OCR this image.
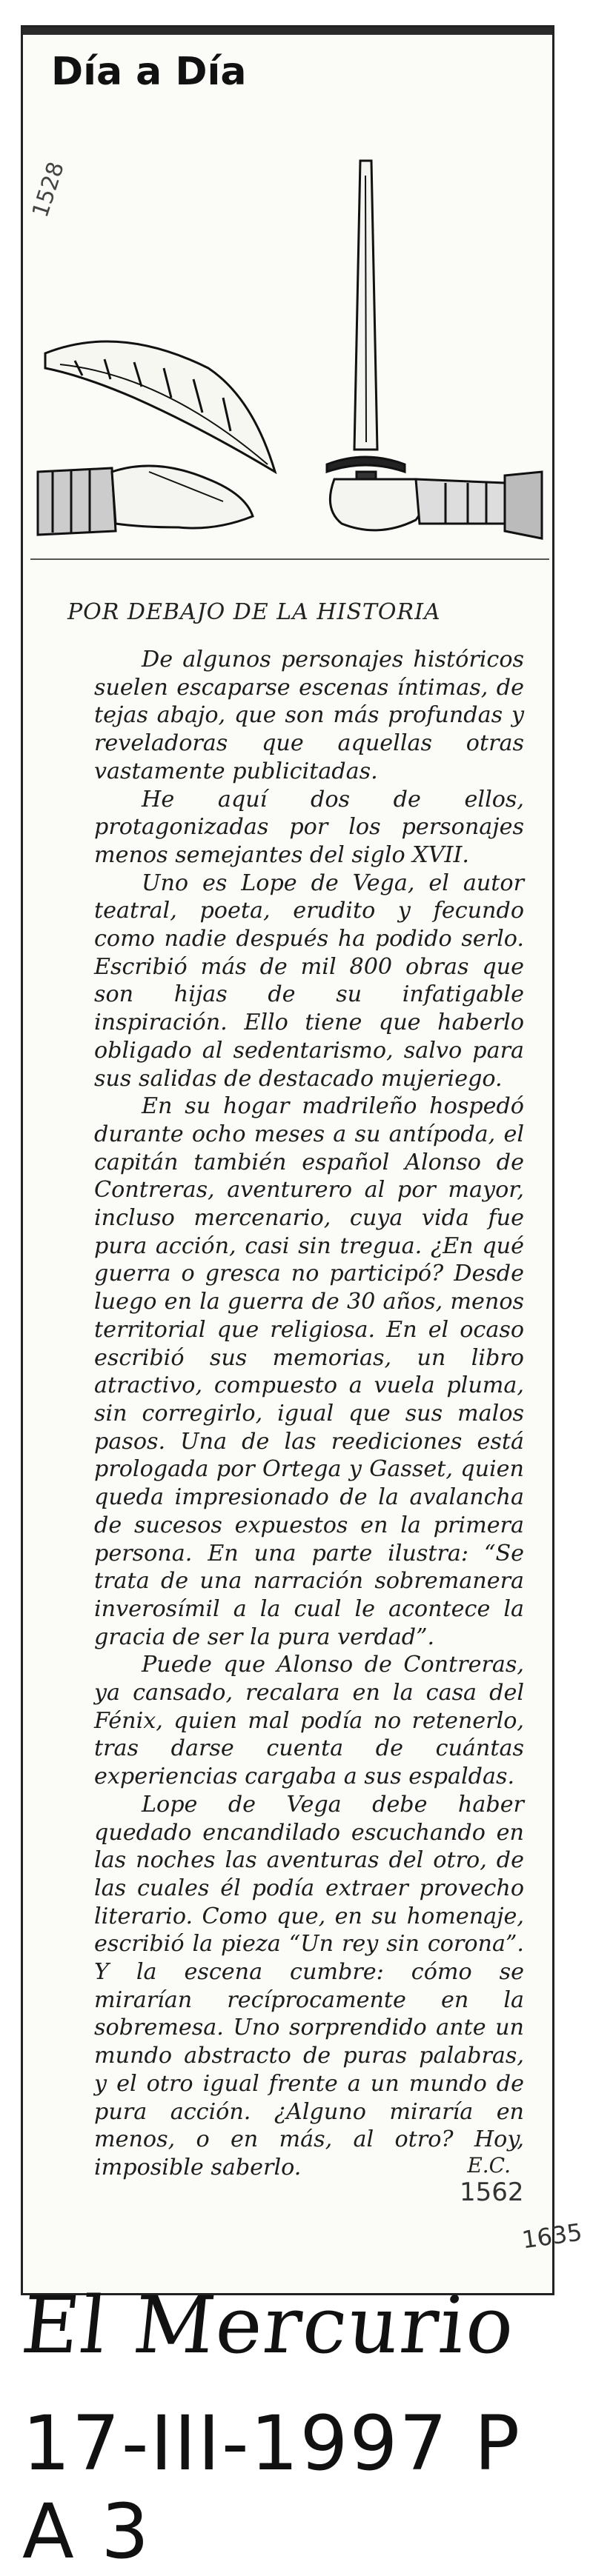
Día a Día
1528
POR DEBAJO DE LA HISTORIA

De algunos personajes históricos suelen escaparse escenas íntimas, de tejas abajo, que son más profundas y reveladoras que aquellas otras vastamente publicitadas.

He aquí dos de ellos, protagonizadas por los personajes menos semejantes del siglo XVII.

Uno es Lope de Vega, el autor teatral, poeta, erudito y fecundo como nadie después ha podido serlo. Escribió más de mil 800 obras que son hijas de su infatigable inspiración. Ello tiene que haberlo obligado al sedentarismo, salvo para sus salidas de destacado mujeriego.

En su hogar madrileño hospedó durante ocho meses a su antípoda, el capitán también español Alonso de Contreras, aventurero al por mayor, incluso mercenario, cuya vida fue pura acción, casi sin tregua. ¿En qué guerra o gresca no participó? Desde luego en la guerra de 30 años, menos territorial que religiosa. En el ocaso escribió sus memorias, un libro atractivo, compuesto a vuela pluma, sin corregirlo, igual que sus malos pasos. Una de las reediciones está prologada por Ortega y Gasset, quien queda impresionado de la avalancha de sucesos expuestos en la primera persona. En una parte ilustra: “Se trata de una narración sobremanera inverosímil a la cual le acontece la gracia de ser la pura verdad”.

Puede que Alonso de Contreras, ya cansado, recalara en la casa del Fénix, quien mal podía no retenerlo, tras darse cuenta de cuántas experiencias cargaba a sus espaldas.

Lope de Vega debe haber quedado encandilado escuchando en las noches las aventuras del otro, de las cuales él podía extraer provecho literario. Como que, en su homenaje, escribió la pieza “Un rey sin corona”. Y la escena cumbre: cómo se mirarían recíprocamente en la sobremesa. Uno sorprendido ante un mundo abstracto de puras palabras, y el otro igual frente a un mundo de pura acción. ¿Alguno miraría en menos, o en más, al otro? Hoy, imposible saberlo.	E.C.
1562
1635
El Mercurio
17-III-1997 P A 3
